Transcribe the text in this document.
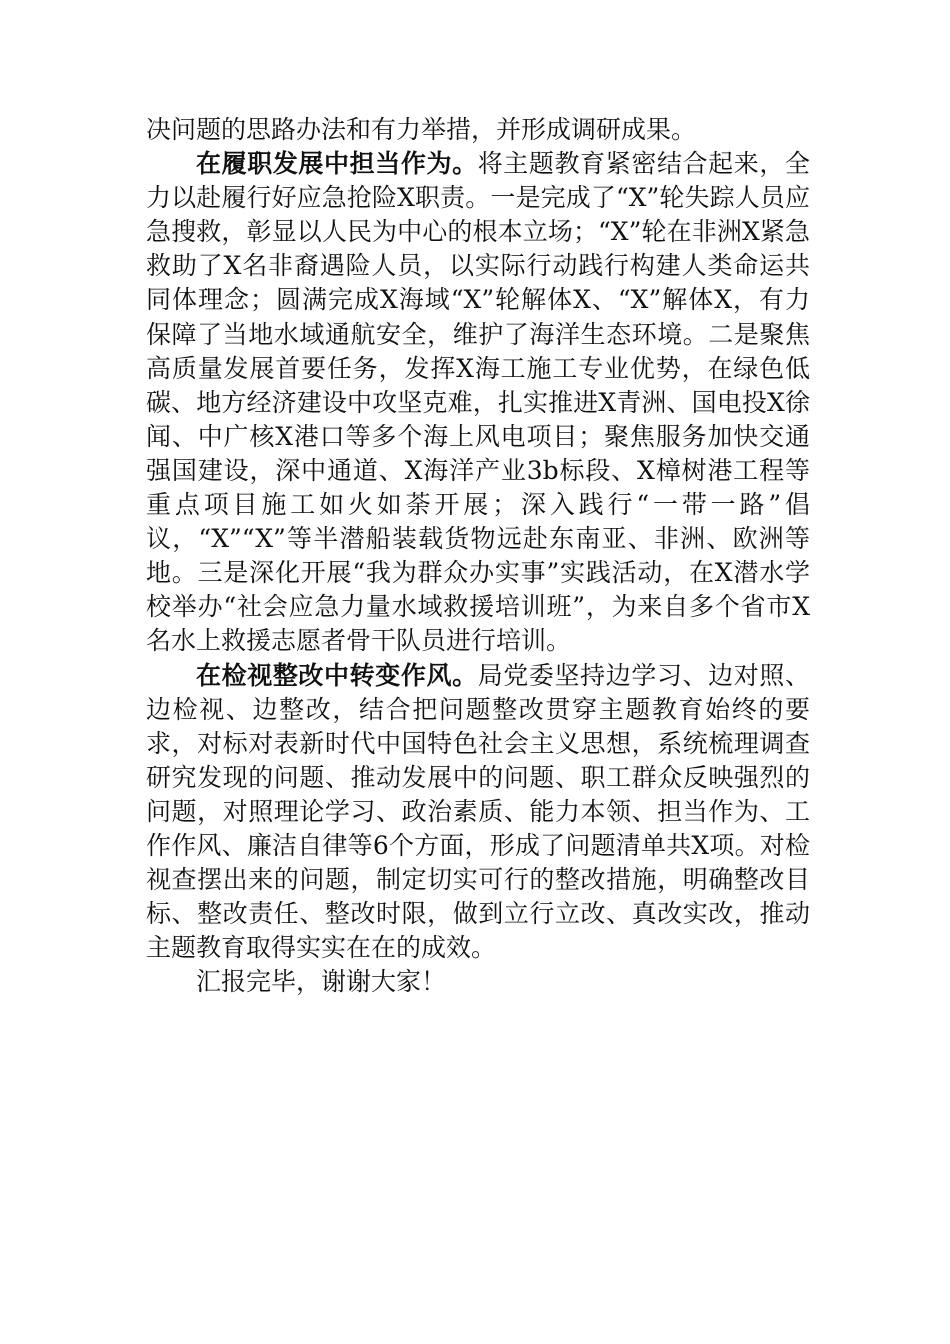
决问题的思路办法和有力举措，并形成调研成果。

在履职发展中担当作为。将主题教育紧密结合起来，全力以赴履行好应急抢险X职责。一是完成了“X”轮失踪人员应急搜救，彰显以人民为中心的根本立场；“X”轮在非洲X紧急救助了X名非裔遇险人员，以实际行动践行构建人类命运共同体理念；圆满完成X海域“X”轮解体X、“X”解体X，有力保障了当地水域通航安全，维护了海洋生态环境。二是聚焦高质量发展首要任务，发挥X海工施工专业优势，在绿色低碳、地方经济建设中攻坚克难，扎实推进X青洲、国电投X徐闻、中广核X港口等多个海上风电项目；聚焦服务加快交通强国建设，深中通道、X海洋产业3b标段、X樟树港工程等重点项目施工如火如荼开展；深入践行“一带一路”倡议，“X”“X”等半潜船装载货物远赴东南亚、非洲、欧洲等地。三是深化开展“我为群众办实事”实践活动，在X潜水学校举办“社会应急力量水域救援培训班”，为来自多个省市X名水上救援志愿者骨干队员进行培训。

在检视整改中转变作风。局党委坚持边学习、边对照、边检视、边整改，结合把问题整改贯穿主题教育始终的要求，对标对表新时代中国特色社会主义思想，系统梳理调查研究发现的问题、推动发展中的问题、职工群众反映强烈的问题，对照理论学习、政治素质、能力本领、担当作为、工作作风、廉洁自律等6个方面，形成了问题清单共X项。对检视查摆出来的问题，制定切实可行的整改措施，明确整改目标、整改责任、整改时限，做到立行立改、真改实改，推动主题教育取得实实在在的成效。

汇报完毕，谢谢大家！
